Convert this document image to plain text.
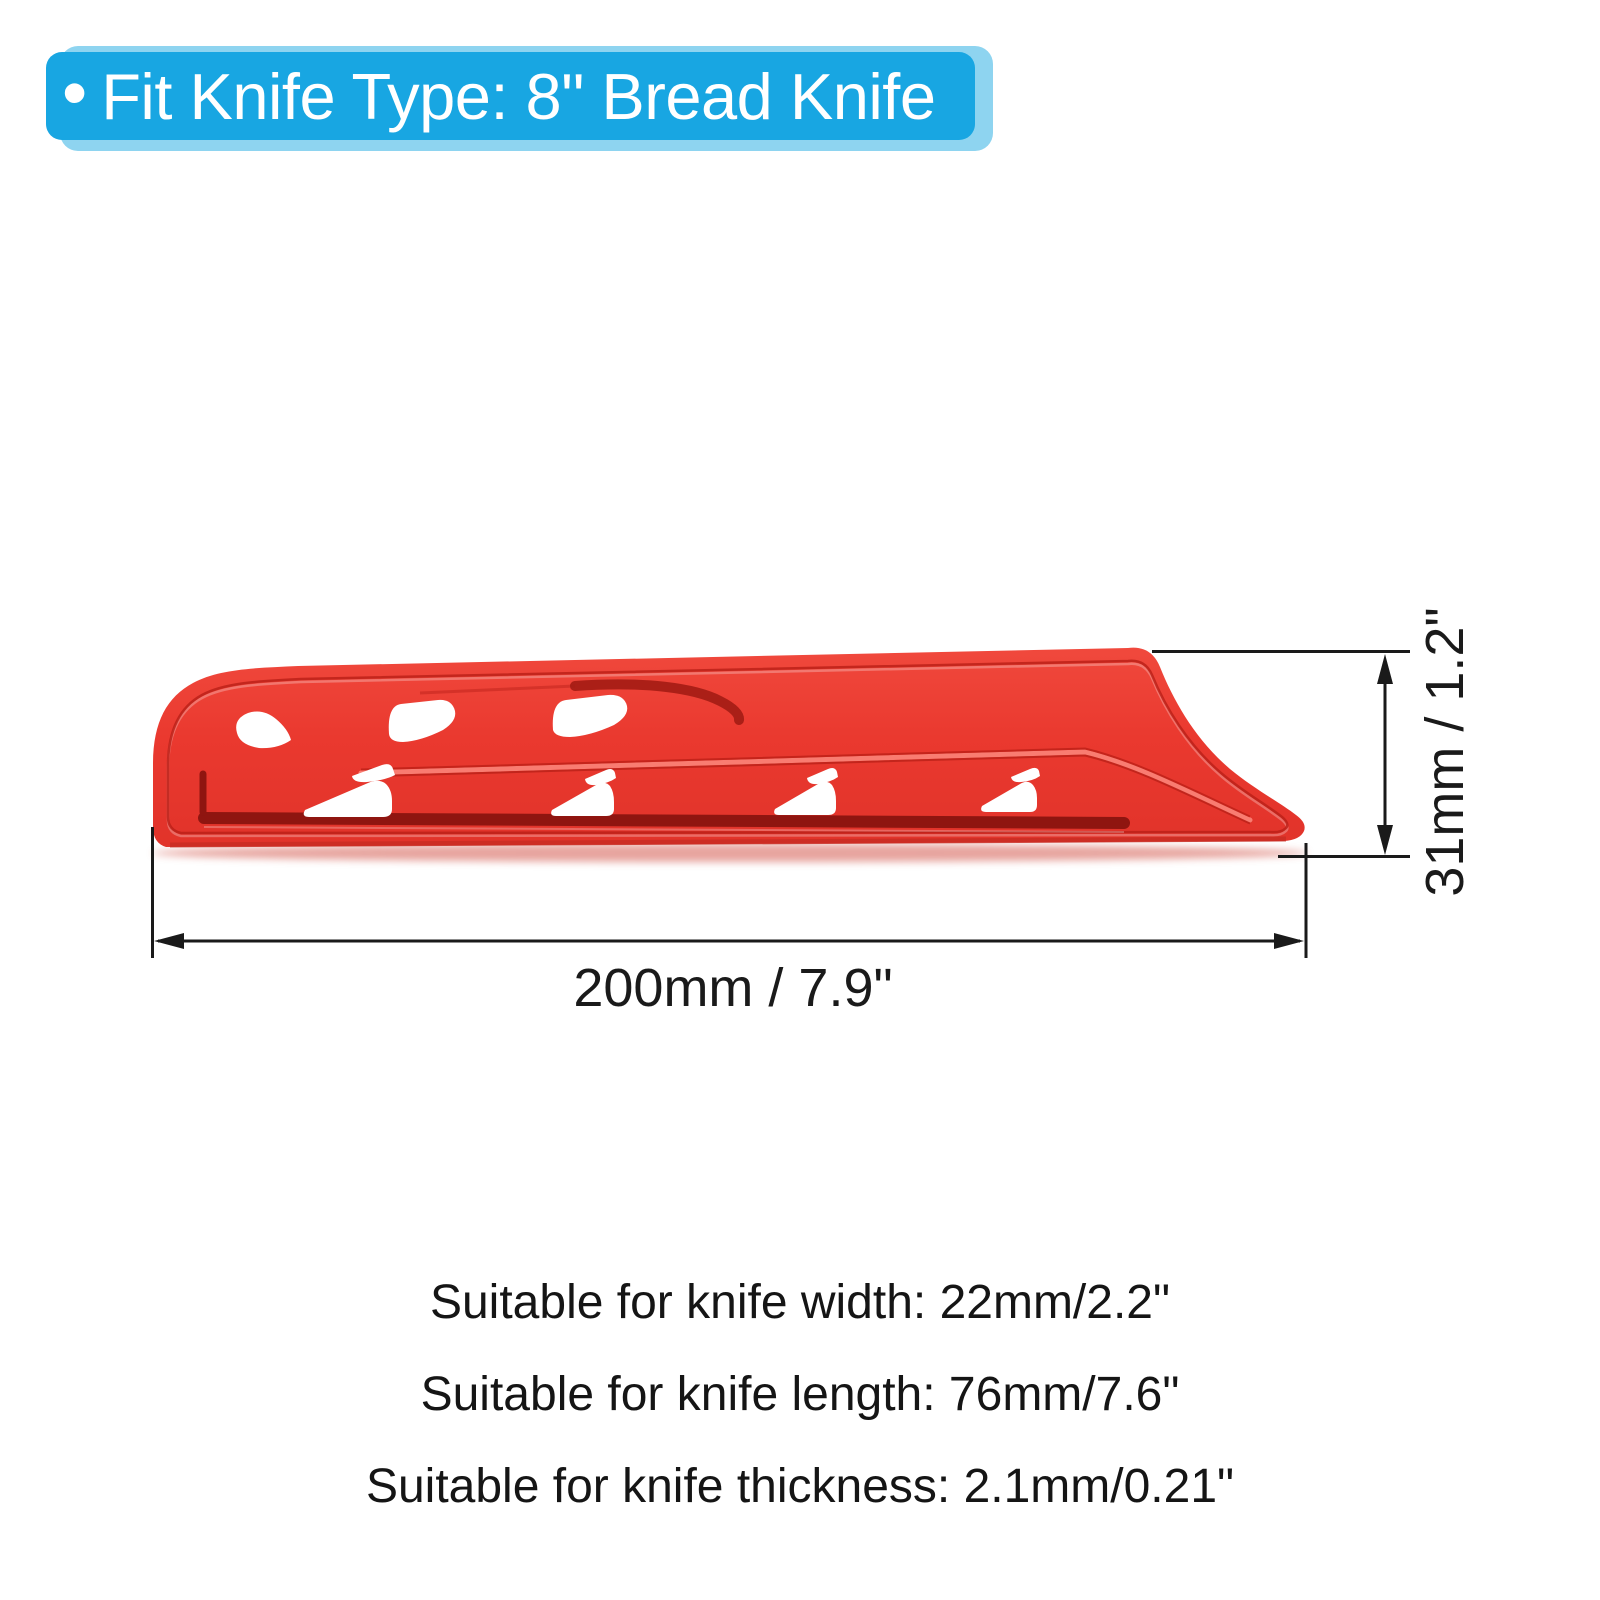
• Fit Knife Type: 8" Bread Knife
200mm / 7.9"
31mm / 1.2"
Suitable for knife width: 22mm/2.2"
Suitable for knife length: 76mm/7.6"
Suitable for knife thickness: 2.1mm/0.21"
